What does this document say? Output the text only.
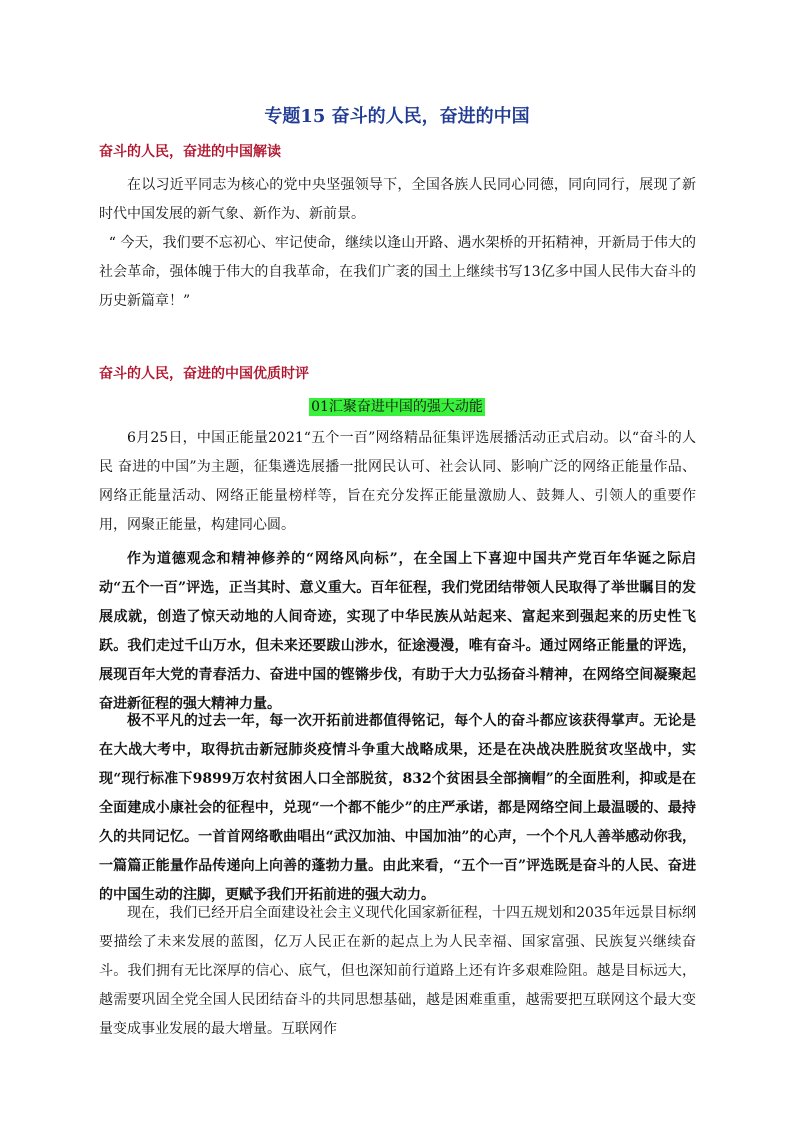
专题15 奋斗的人民，奋进的中国
奋斗的人民，奋进的中国解读

在以习近平同志为核心的党中央坚强领导下，全国各族人民同心同德，同向同行，展现了新时代中国发展的新气象、新作为、新前景。

“ 今天，我们要不忘初心、牢记使命，继续以逢山开路、遇水架桥的开拓精神，开新局于伟大的社会革命，强体魄于伟大的自我革命，在我们广袤的国土上继续书写13亿多中国人民伟大奋斗的历史新篇章！”

奋斗的人民，奋进的中国优质时评
01汇聚奋进中国的强大动能

6月25日，中国正能量2021“五个一百”网络精品征集评选展播活动正式启动。以“奋斗的人民 奋进的中国”为主题，征集遴选展播一批网民认可、社会认同、影响广泛的网络正能量作品、网络正能量活动、网络正能量榜样等，旨在充分发挥正能量激励人、鼓舞人、引领人的重要作用，网聚正能量，构建同心圆。

作为道德观念和精神修养的“网络风向标”，在全国上下喜迎中国共产党百年华诞之际启动“五个一百”评选，正当其时、意义重大。百年征程，我们党团结带领人民取得了举世瞩目的发展成就，创造了惊天动地的人间奇迹，实现了中华民族从站起来、富起来到强起来的历史性飞跃。我们走过千山万水，但未来还要跋山涉水，征途漫漫，唯有奋斗。通过网络正能量的评选，展现百年大党的青春活力、奋进中国的铿锵步伐，有助于大力弘扬奋斗精神，在网络空间凝聚起奋进新征程的强大精神力量。

极不平凡的过去一年，每一次开拓前进都值得铭记，每个人的奋斗都应该获得掌声。无论是在大战大考中，取得抗击新冠肺炎疫情斗争重大战略成果，还是在决战决胜脱贫攻坚战中，实现“现行标准下9899万农村贫困人口全部脱贫，832个贫困县全部摘帽”的全面胜利，抑或是在全面建成小康社会的征程中，兑现“一个都不能少”的庄严承诺，都是网络空间上最温暖的、最持久的共同记忆。一首首网络歌曲唱出“武汉加油、中国加油”的心声，一个个凡人善举感动你我，一篇篇正能量作品传递向上向善的蓬勃力量。由此来看，“五个一百”评选既是奋斗的人民、奋进的中国生动的注脚，更赋予我们开拓前进的强大动力。

现在，我们已经开启全面建设社会主义现代化国家新征程，十四五规划和2035年远景目标纲要描绘了未来发展的蓝图，亿万人民正在新的起点上为人民幸福、国家富强、民族复兴继续奋斗。我们拥有无比深厚的信心、底气，但也深知前行道路上还有许多艰难险阻。越是目标远大，越需要巩固全党全国人民团结奋斗的共同思想基础，越是困难重重，越需要把互联网这个最大变量变成事业发展的最大增量。互联网作
